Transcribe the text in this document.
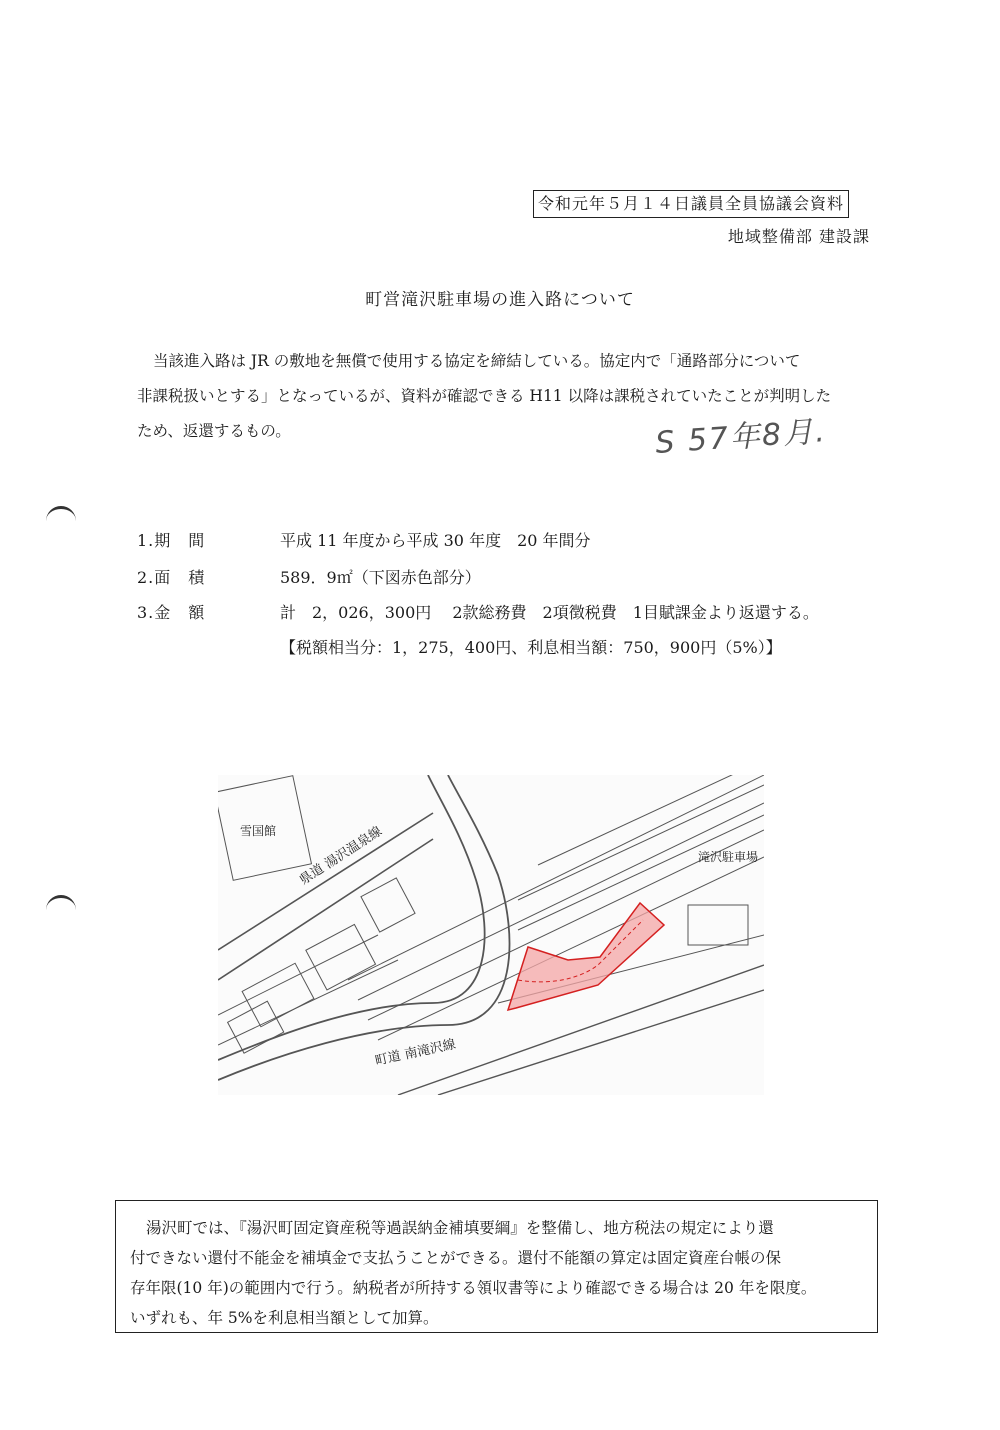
令和元年５月１４日議員全員協議会資料
地域整備部 建設課
町営滝沢駐車場の進入路について

当該進入路は JR の敷地を無償で使用する協定を締結している。協定内で「通路部分について
非課税扱いとする」となっているが、資料が確認できる H11 以降は課税されていたことが判明した
ため、返還するもの。	S 57年8月.
1.期　間	平成 11 年度から平成 30 年度　20 年間分
2.面　積	589．9㎡（下図赤色部分）
3.金　額	計　2，026，300円　 2款総務費　2項徴税費　1目賦課金より返還する。
【税額相当分：1，275，400円、利息相当額：750，900円（5%）】
雪国館 県道 湯沢温泉線	滝沢駐車場
町道 南滝沢線
湯沢町では、『湯沢町固定資産税等過誤納金補填要綱』を整備し、地方税法の規定により還
付できない還付不能金を補填金で支払うことができる。還付不能額の算定は固定資産台帳の保
存年限(10 年)の範囲内で行う。納税者が所持する領収書等により確認できる場合は 20 年を限度。
いずれも、年 5%を利息相当額として加算。
